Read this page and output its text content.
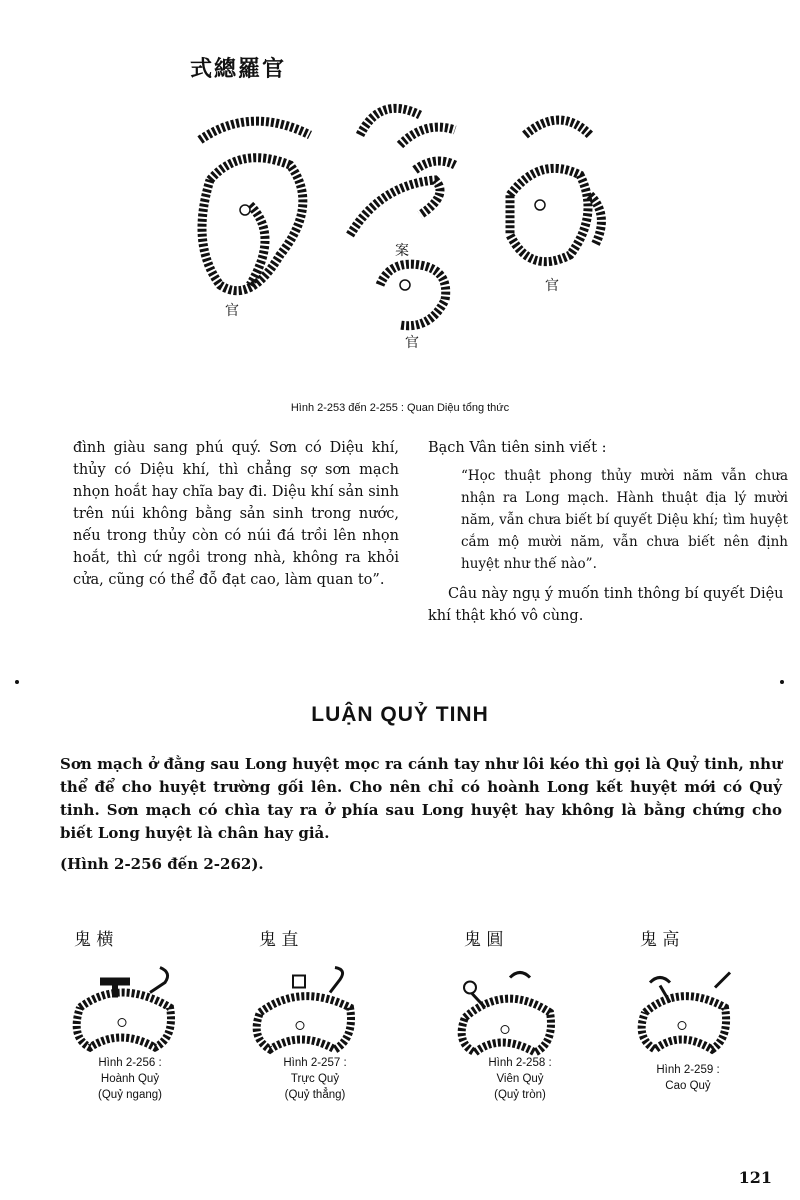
式總羅官
官
案
官
官
Hình 2-253 đến 2-255 : Quan Diệu tổng thức
đình giàu sang phú quý. Sơn có Diệu khí, thủy có Diệu khí, thì chẳng sợ sơn mạch nhọn hoắt hay chĩa bay đi. Diệu khí sản sinh trên núi không bằng sản sinh trong nước, nếu trong thủy còn có núi đá trồi lên nhọn hoắt, thì cứ ngồi trong nhà, không ra khỏi cửa, cũng có thể đỗ đạt cao, làm quan to”.

Bạch Vân tiên sinh viết :

“Học thuật phong thủy mười năm vẫn chưa nhận ra Long mạch. Hành thuật địa lý mười năm, vẫn chưa biết bí quyết Diệu khí; tìm huyệt cắm mộ mười năm, vẫn chưa biết nên định huyệt như thế nào”.

Câu này ngụ ý muốn tinh thông bí quyết Diệu khí thật khó vô cùng.

LUẬN QUỶ TINH
Sơn mạch ở đằng sau Long huyệt mọc ra cánh tay như lôi kéo thì gọi là Quỷ tinh, như thể để cho huyệt trường gối lên. Cho nên chỉ có hoành Long kết huyệt mới có Quỷ tinh. Sơn mạch có chìa tay ra ở phía sau Long huyệt hay không là bằng chứng cho biết Long huyệt là chân hay giả.
(Hình 2-256 đến 2-262).
鬼 横
Hình 2-256 :
Hoành Quỷ
(Quỷ ngang)
鬼 直
Hình 2-257 :
Trực Quỷ
(Quỷ thẳng)
鬼 圓
Hình 2-258 :
Viên Quỷ
(Quỷ tròn)
鬼 高
Hình 2-259 :
Cao Quỷ
121
